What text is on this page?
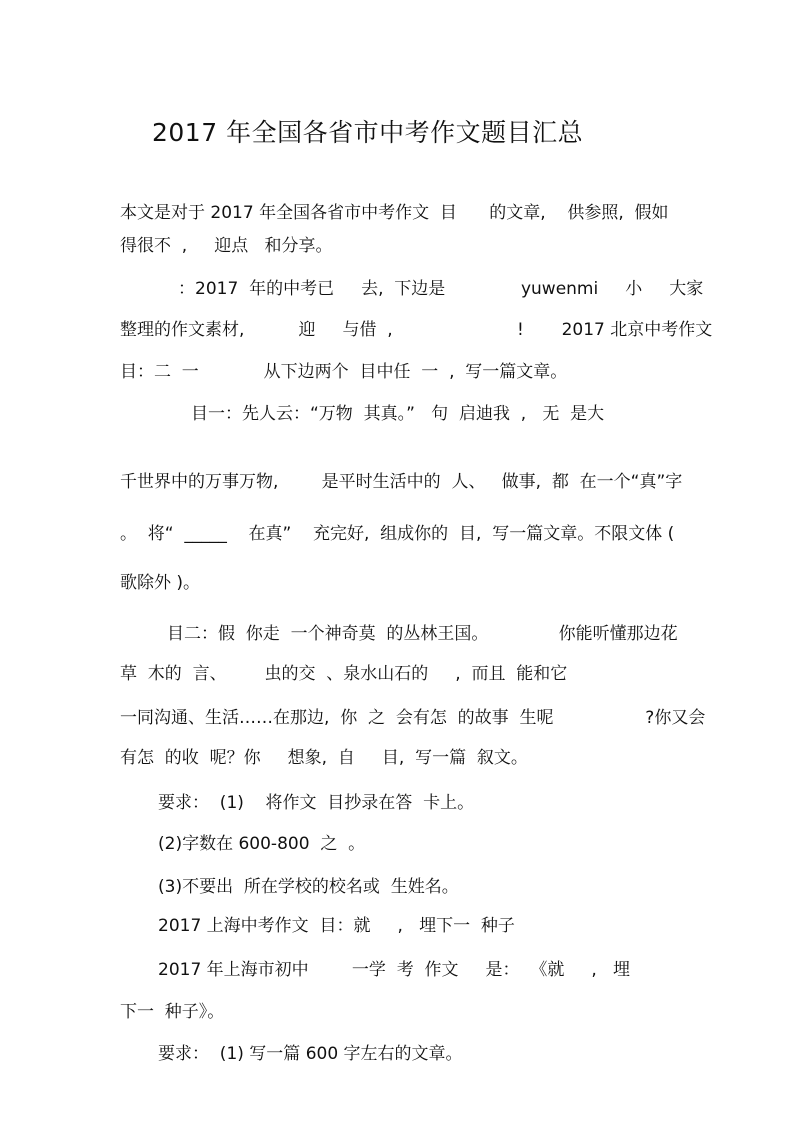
2017 年全国各省市中考作文题目汇总
本文是对于 2017 年全国各省市中考作文  目      的文章,    供参照,  假如
得很不  ,     迎点   和分享。
：2017  年的中考已     去,  下边是              yuwenmi     小     大家
整理的作文素材,          迎     与借  ,                       !       2017 北京中考作文
目：二  一            从下边两个  目中任  一  ,  写一篇文章。
目一：先人云：“万物  其真。”   句  启迪我  ,   无  是大
千世界中的万事万物,        是平时生活中的  人、   做事,  都  在一个“真”字
。  将“  _____    在真”    充完好,  组成你的  目,  写一篇文章。不限文体 (
歌除外 )。
目二：假  你走  一个神奇莫  的丛林王国。             你能听懂那边花
草  木的  言、       虫的交  、泉水山石的     ,  而且  能和它
一同沟通、生活……在那边,  你  之  会有怎  的故事  生呢                 ?你又会
有怎  的收  呢？你     想象,  自     目,  写一篇  叙文。
要求：  (1)    将作文  目抄录在答  卡上。
(2)字数在 600-800  之  。
(3)不要出  所在学校的校名或  生姓名。
2017 上海中考作文  目：就     ,   埋下一  种子
2017 年上海市初中        一学  考  作文     是：  《就     ,   埋
下一  种子》。
要求：  (1) 写一篇 600 字左右的文章。
